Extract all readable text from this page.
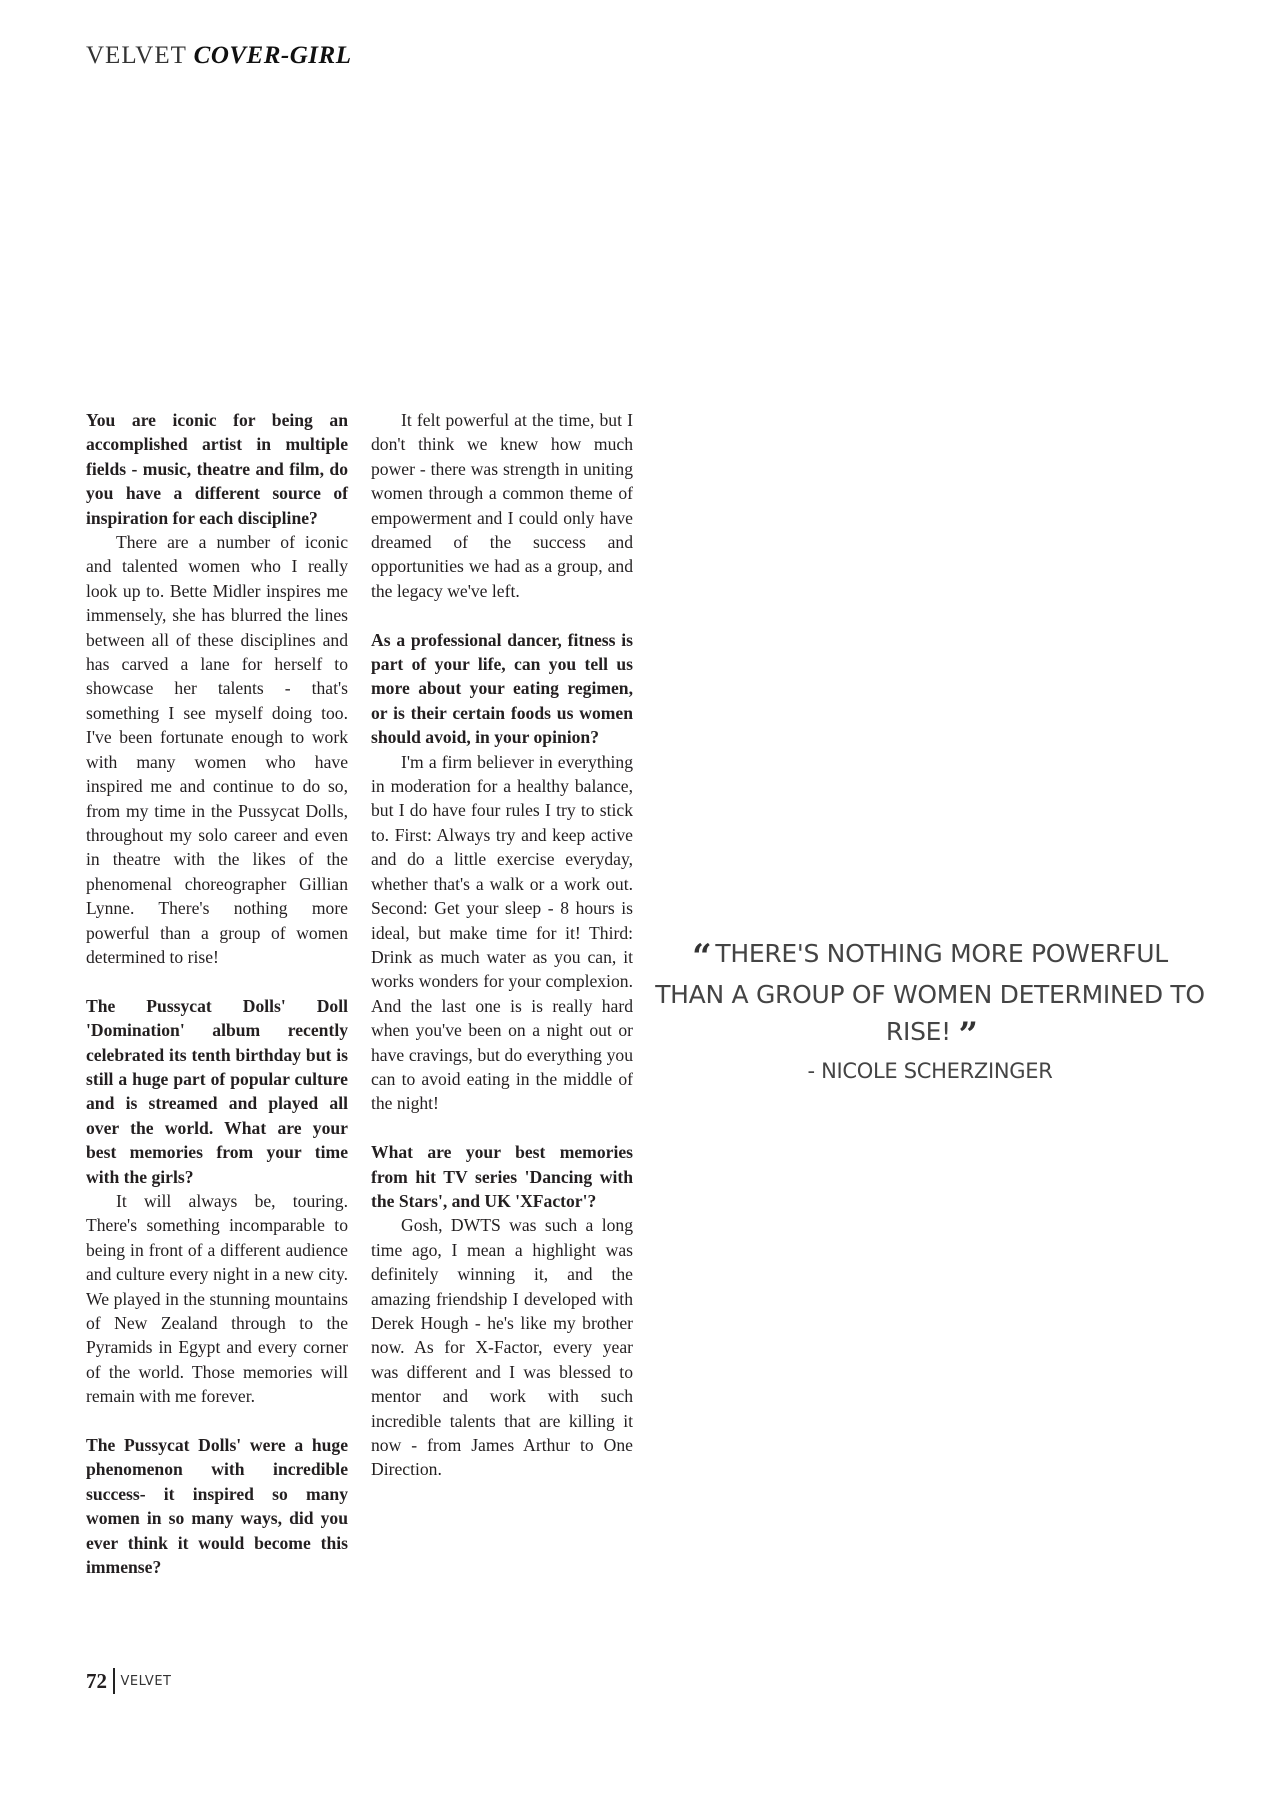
VELVET COVER-GIRL

You are iconic for being an accomplished artist in multiple fields - music, theatre and film, do you have a different source of inspiration for each discipline?

There are a number of iconic and talented women who I really look up to. Bette Midler inspires me immensely, she has blurred the lines between all of these disciplines and has carved a lane for herself to showcase her talents - that's something I see myself doing too. I've been fortunate enough to work with many women who have inspired me and continue to do so, from my time in the Pussycat Dolls, throughout my solo career and even in theatre with the likes of the phenomenal choreographer Gillian Lynne. There's nothing more powerful than a group of women determined to rise!

The Pussycat Dolls' Doll 'Domination' album recently celebrated its tenth birthday but is still a huge part of popular culture and is streamed and played all over the world. What are your best memories from your time with the girls?

It will always be, touring. There's something incomparable to being in front of a different audience and culture every night in a new city. We played in the stunning mountains of New Zealand through to the Pyramids in Egypt and every corner of the world. Those memories will remain with me forever.

The Pussycat Dolls' were a huge phenomenon with incredible success- it inspired so many women in so many ways, did you ever think it would become this immense?

It felt powerful at the time, but I don't think we knew how much power - there was strength in uniting women through a common theme of empowerment and I could only have dreamed of the success and opportunities we had as a group, and the legacy we've left.

As a professional dancer, fitness is part of your life, can you tell us more about your eating regimen, or is their certain foods us women should avoid, in your opinion?

I'm a firm believer in everything in moderation for a healthy balance, but I do have four rules I try to stick to. First: Always try and keep active and do a little exercise everyday, whether that's a walk or a work out. Second: Get your sleep - 8 hours is ideal, but make time for it! Third: Drink as much water as you can, it works wonders for your complexion. And the last one is is really hard when you've been on a night out or have cravings, but do everything you can to avoid eating in the middle of the night!

What are your best memories from hit TV series 'Dancing with the Stars', and UK 'XFactor'?

Gosh, DWTS was such a long time ago, I mean a highlight was definitely winning it, and the amazing friendship I developed with Derek Hough - he's like my brother now. As for X-Factor, every year was different and I was blessed to mentor and work with such incredible talents that are killing it now - from James Arthur to One Direction.

“ THERE'S NOTHING MORE POWERFUL THAN A GROUP OF WOMEN DETERMINED TO RISE! ”
- NICOLE SCHERZINGER
72 VELVET
